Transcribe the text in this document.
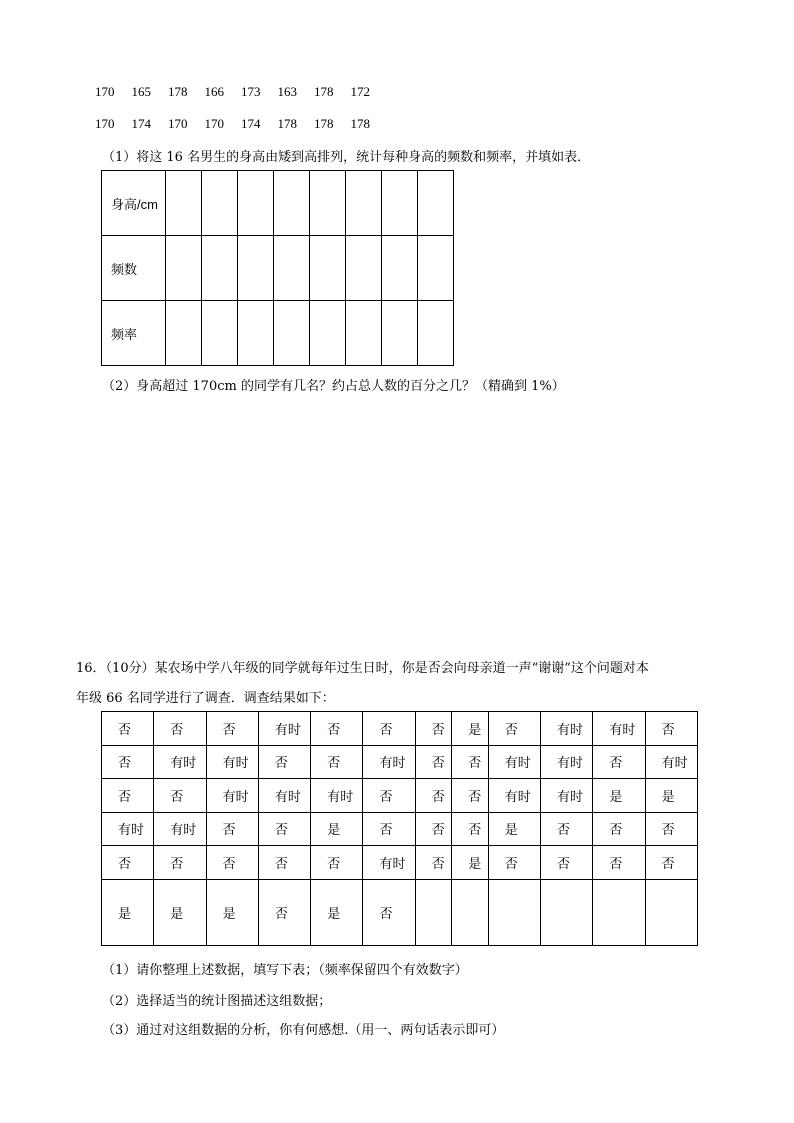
170	165	178	166	173	163	178	172
170	174	170	170	174	178	178	178
（1）将这 16 名男生的身高由矮到高排列，统计每种身高的频数和频率，并填如表．
身高/cm								
频数								
频率								
（2）身高超过 170cm 的同学有几名？约占总人数的百分之几？（精确到 1%）
16．（10分）某农场中学八年级的同学就每年过生日时，你是否会向母亲道一声“谢谢”这个问题对本
年级 66 名同学进行了调查．调查结果如下：
否	否	否	有时	否	否	否	是	否	有时	有时	否
否	有时	有时	否	否	有时	否	否	有时	有时	否	有时
否	否	有时	有时	有时	否	否	否	有时	有时	是	是
有时	有时	否	否	是	否	否	否	是	否	否	否
否	否	否	否	否	有时	否	是	否	否	否	否
是	是	是	否	是	否						
（1）请你整理上述数据，填写下表；（频率保留四个有效数字）
（2）选择适当的统计图描述这组数据；
（3）通过对这组数据的分析，你有何感想.（用一、两句话表示即可）
